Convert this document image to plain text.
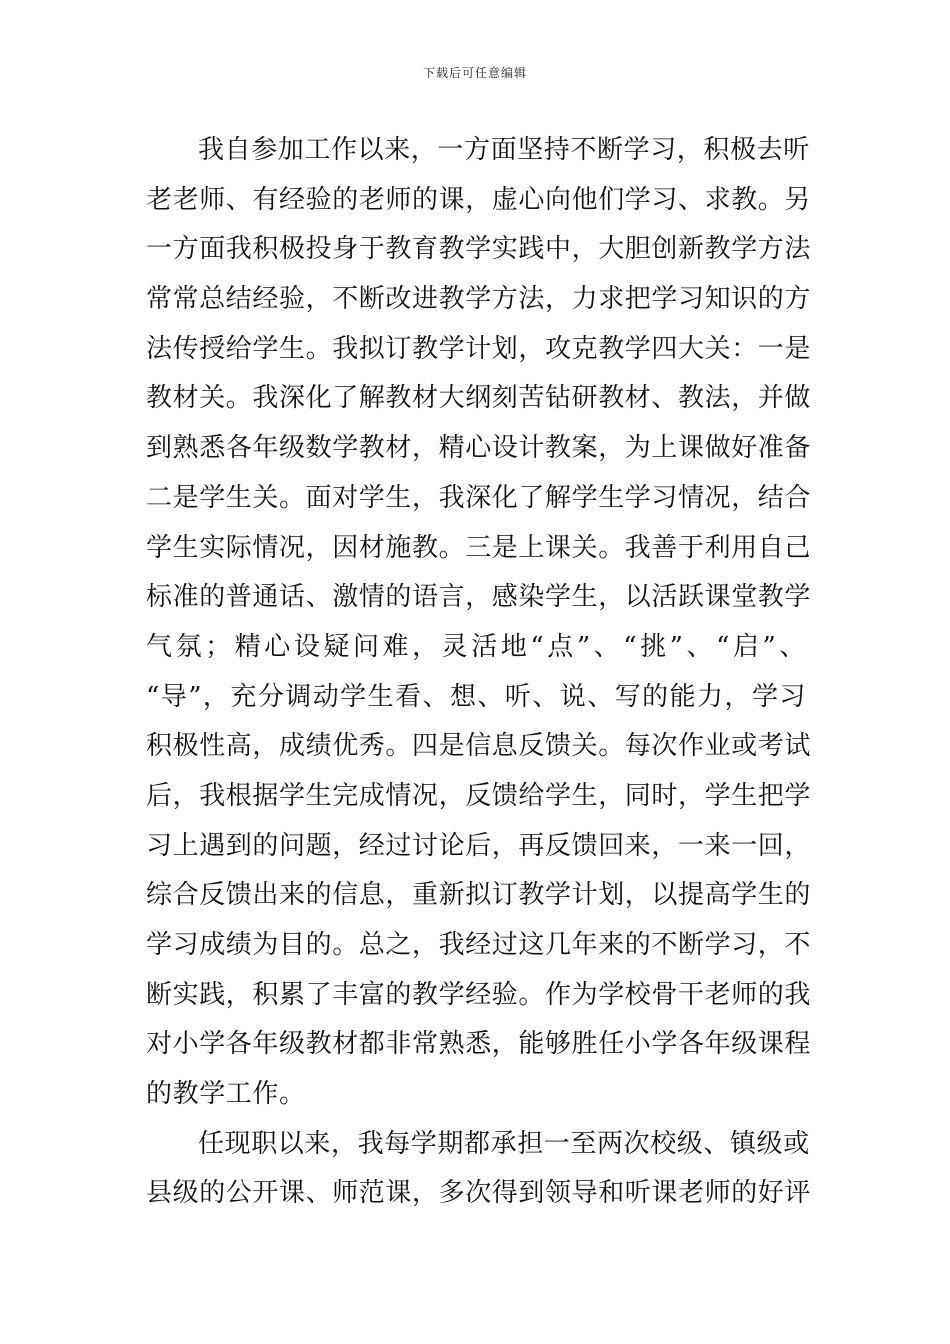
下载后可任意编辑
我自参加工作以来，一方面坚持不断学习，积极去听
老老师、有经验的老师的课，虚心向他们学习、求教。另
一方面我积极投身于教育教学实践中，大胆创新教学方法
常常总结经验，不断改进教学方法，力求把学习知识的方
法传授给学生。我拟订教学计划，攻克教学四大关：一是
教材关。我深化了解教材大纲刻苦钻研教材、教法，并做
到熟悉各年级数学教材，精心设计教案，为上课做好准备
二是学生关。面对学生，我深化了解学生学习情况，结合
学生实际情况，因材施教。三是上课关。我善于利用自己
标准的普通话、激情的语言，感染学生，以活跃课堂教学
气氛；精心设疑问难，灵活地“点”、“挑”、“启”、
“导”，充分调动学生看、想、听、说、写的能力，学习
积极性高，成绩优秀。四是信息反馈关。每次作业或考试
后，我根据学生完成情况，反馈给学生，同时，学生把学
习上遇到的问题，经过讨论后，再反馈回来，一来一回，
综合反馈出来的信息，重新拟订教学计划，以提高学生的
学习成绩为目的。总之，我经过这几年来的不断学习，不
断实践，积累了丰富的教学经验。作为学校骨干老师的我
对小学各年级教材都非常熟悉，能够胜任小学各年级课程
的教学工作。
任现职以来，我每学期都承担一至两次校级、镇级或
县级的公开课、师范课，多次得到领导和听课老师的好评
